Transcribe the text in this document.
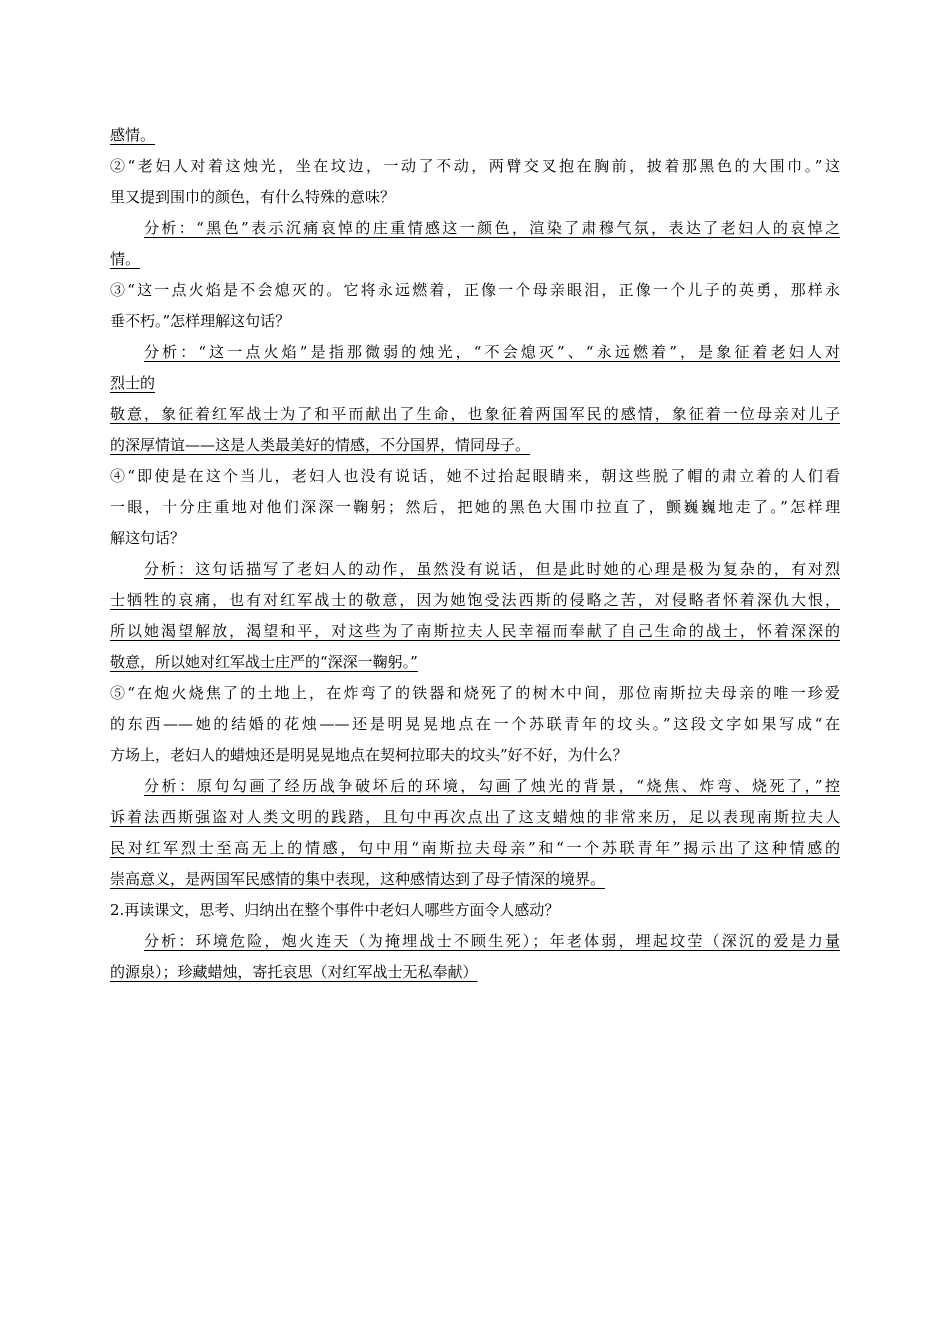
感情。
②“老妇人对着这烛光，坐在坟边，一动了不动，两臂交叉抱在胸前，披着那黑色的大围巾。”这
里又提到围巾的颜色，有什么特殊的意味？
分析：“黑色”表示沉痛哀悼的庄重情感这一颜色，渲染了肃穆气氛，表达了老妇人的哀悼之
情。
③“这一点火焰是不会熄灭的。它将永远燃着，正像一个母亲眼泪，正像一个儿子的英勇，那样永
垂不朽。”怎样理解这句话？
分析：“这一点火焰”是指那微弱的烛光，“不会熄灭”、“永远燃着”，是象征着老妇人对
烈士的
敬意，象征着红军战士为了和平而献出了生命，也象征着两国军民的感情，象征着一位母亲对儿子
的深厚情谊——这是人类最美好的情感，不分国界，情同母子。
④“即使是在这个当儿，老妇人也没有说话，她不过抬起眼睛来，朝这些脱了帽的肃立着的人们看
一眼，十分庄重地对他们深深一鞠躬；然后，把她的黑色大围巾拉直了，颤巍巍地走了。”怎样理
解这句话？
分析：这句话描写了老妇人的动作，虽然没有说话，但是此时她的心理是极为复杂的，有对烈
士牺牲的哀痛，也有对红军战士的敬意，因为她饱受法西斯的侵略之苦，对侵略者怀着深仇大恨，
所以她渴望解放，渴望和平，对这些为了南斯拉夫人民幸福而奉献了自己生命的战士，怀着深深的
敬意，所以她对红军战士庄严的“深深一鞠躬。”
⑤“在炮火烧焦了的土地上，在炸弯了的铁器和烧死了的树木中间，那位南斯拉夫母亲的唯一珍爱
的东西——她的结婚的花烛——还是明晃晃地点在一个苏联青年的坟头。”这段文字如果写成“在
方场上，老妇人的蜡烛还是明晃晃地点在契柯拉耶夫的坟头”好不好，为什么？
分析：原句勾画了经历战争破坏后的环境，勾画了烛光的背景，“烧焦、炸弯、烧死了，”控
诉着法西斯强盗对人类文明的践踏，且句中再次点出了这支蜡烛的非常来历，足以表现南斯拉夫人
民对红军烈士至高无上的情感，句中用“南斯拉夫母亲”和“一个苏联青年”揭示出了这种情感的
崇高意义，是两国军民感情的集中表现，这种感情达到了母子情深的境界。
2.再读课文，思考、归纳出在整个事件中老妇人哪些方面令人感动？
分析：环境危险，炮火连天（为掩埋战士不顾生死）；年老体弱，埋起坟茔（深沉的爱是力量
的源泉）；珍藏蜡烛，寄托哀思（对红军战士无私奉献）
